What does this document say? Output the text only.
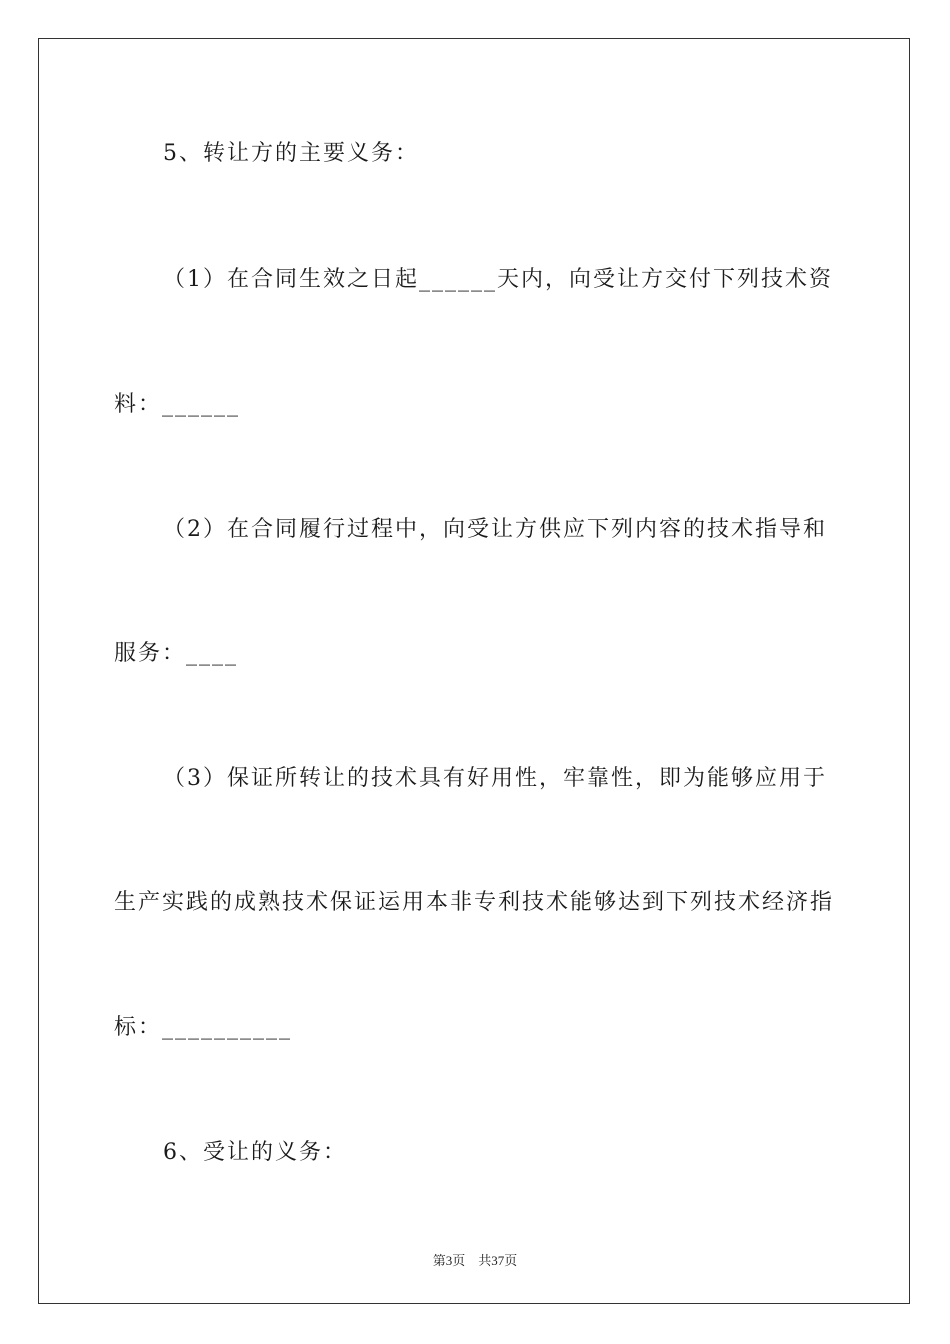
5、转让方的主要义务：
（1）在合同生效之日起______天内，向受让方交付下列技术资
料：______
（2）在合同履行过程中，向受让方供应下列内容的技术指导和
服务：____
（3）保证所转让的技术具有好用性，牢靠性，即为能够应用于
生产实践的成熟技术保证运用本非专利技术能够达到下列技术经济指
标：__________
6、受让的义务：
第3页　共37页
